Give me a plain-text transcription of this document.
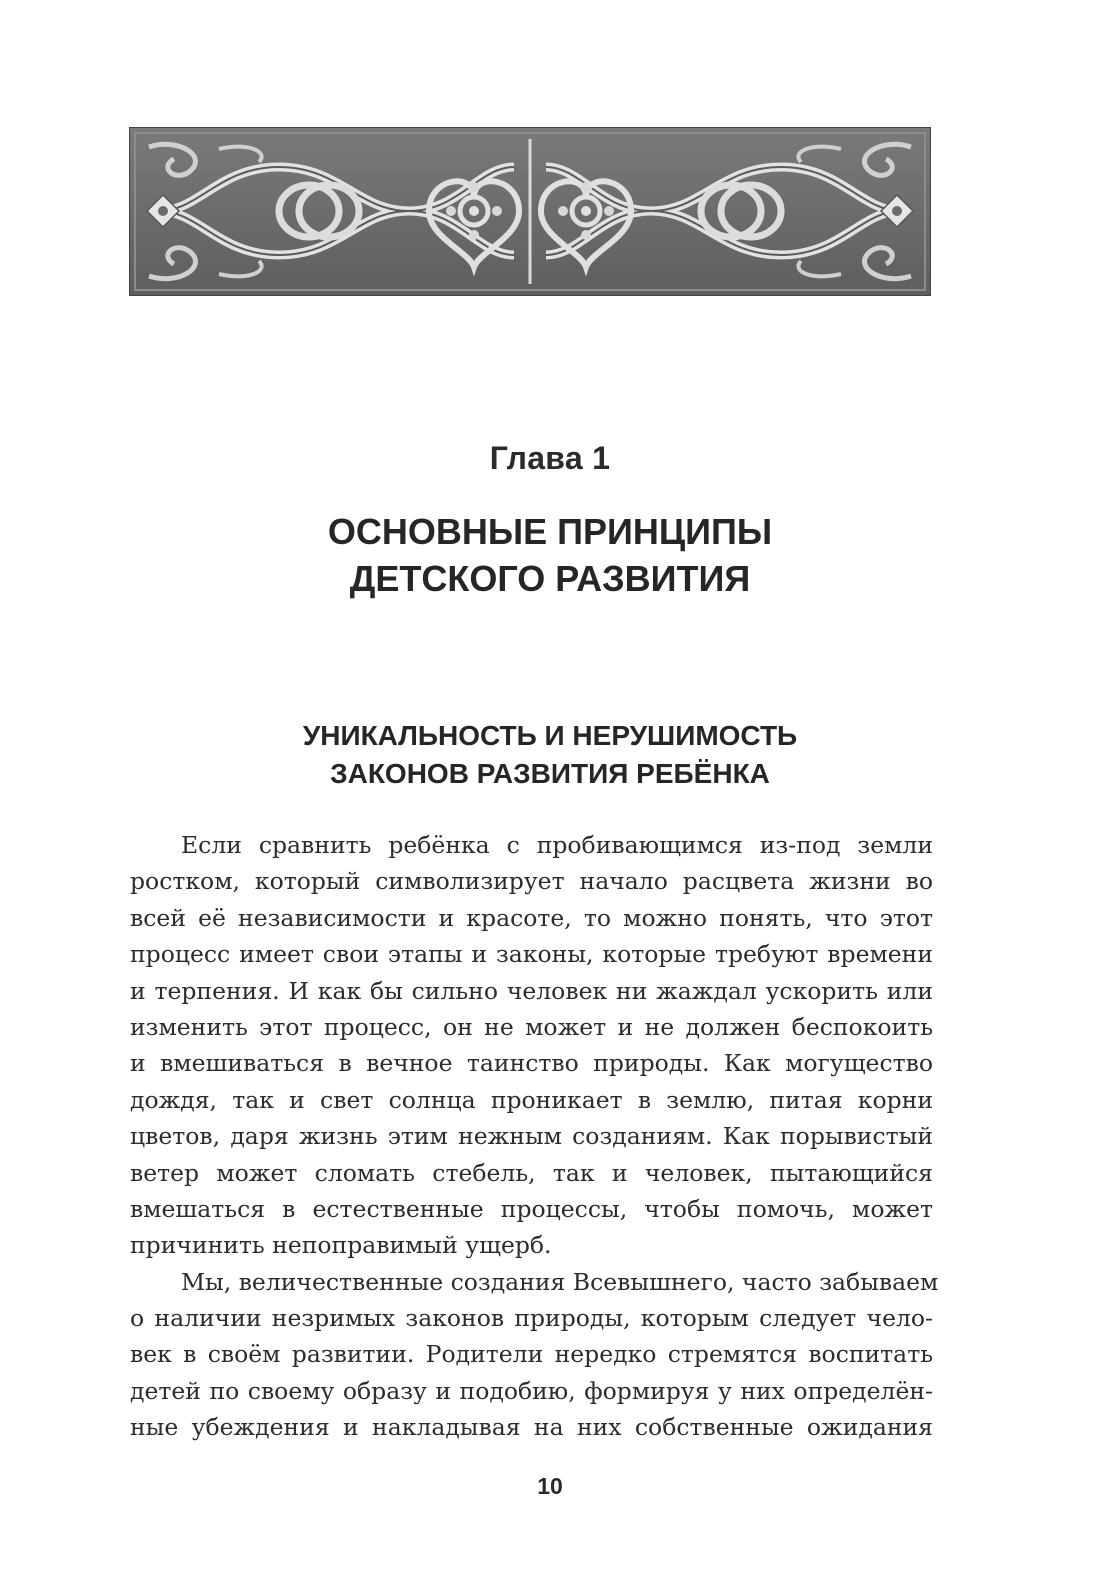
Глава 1
ОСНОВНЫЕ ПРИНЦИПЫ
ДЕТСКОГО РАЗВИТИЯ
УНИКАЛЬНОСТЬ И НЕРУШИМОСТЬ
ЗАКОНОВ РАЗВИТИЯ РЕБЁНКА
Если сравнить ребёнка с пробивающимся из-под земли
ростком, который символизирует начало расцвета жизни во
всей её независимости и красоте, то можно понять, что этот
процесс имеет свои этапы и законы, которые требуют времени
и терпения. И как бы сильно человек ни жаждал ускорить или
изменить этот процесс, он не может и не должен беспокоить
и вмешиваться в вечное таинство природы. Как могущество
дождя, так и свет солнца проникает в землю, питая корни
цветов, даря жизнь этим нежным созданиям. Как порывистый
ветер может сломать стебель, так и человек, пытающийся
вмешаться в естественные процессы, чтобы помочь, может
причинить непоправимый ущерб.
Мы, величественные создания Всевышнего, часто забываем
о наличии незримых законов природы, которым следует чело-
век в своём развитии. Родители нередко стремятся воспитать
детей по своему образу и подобию, формируя у них определён-
ные убеждения и накладывая на них собственные ожидания
10
